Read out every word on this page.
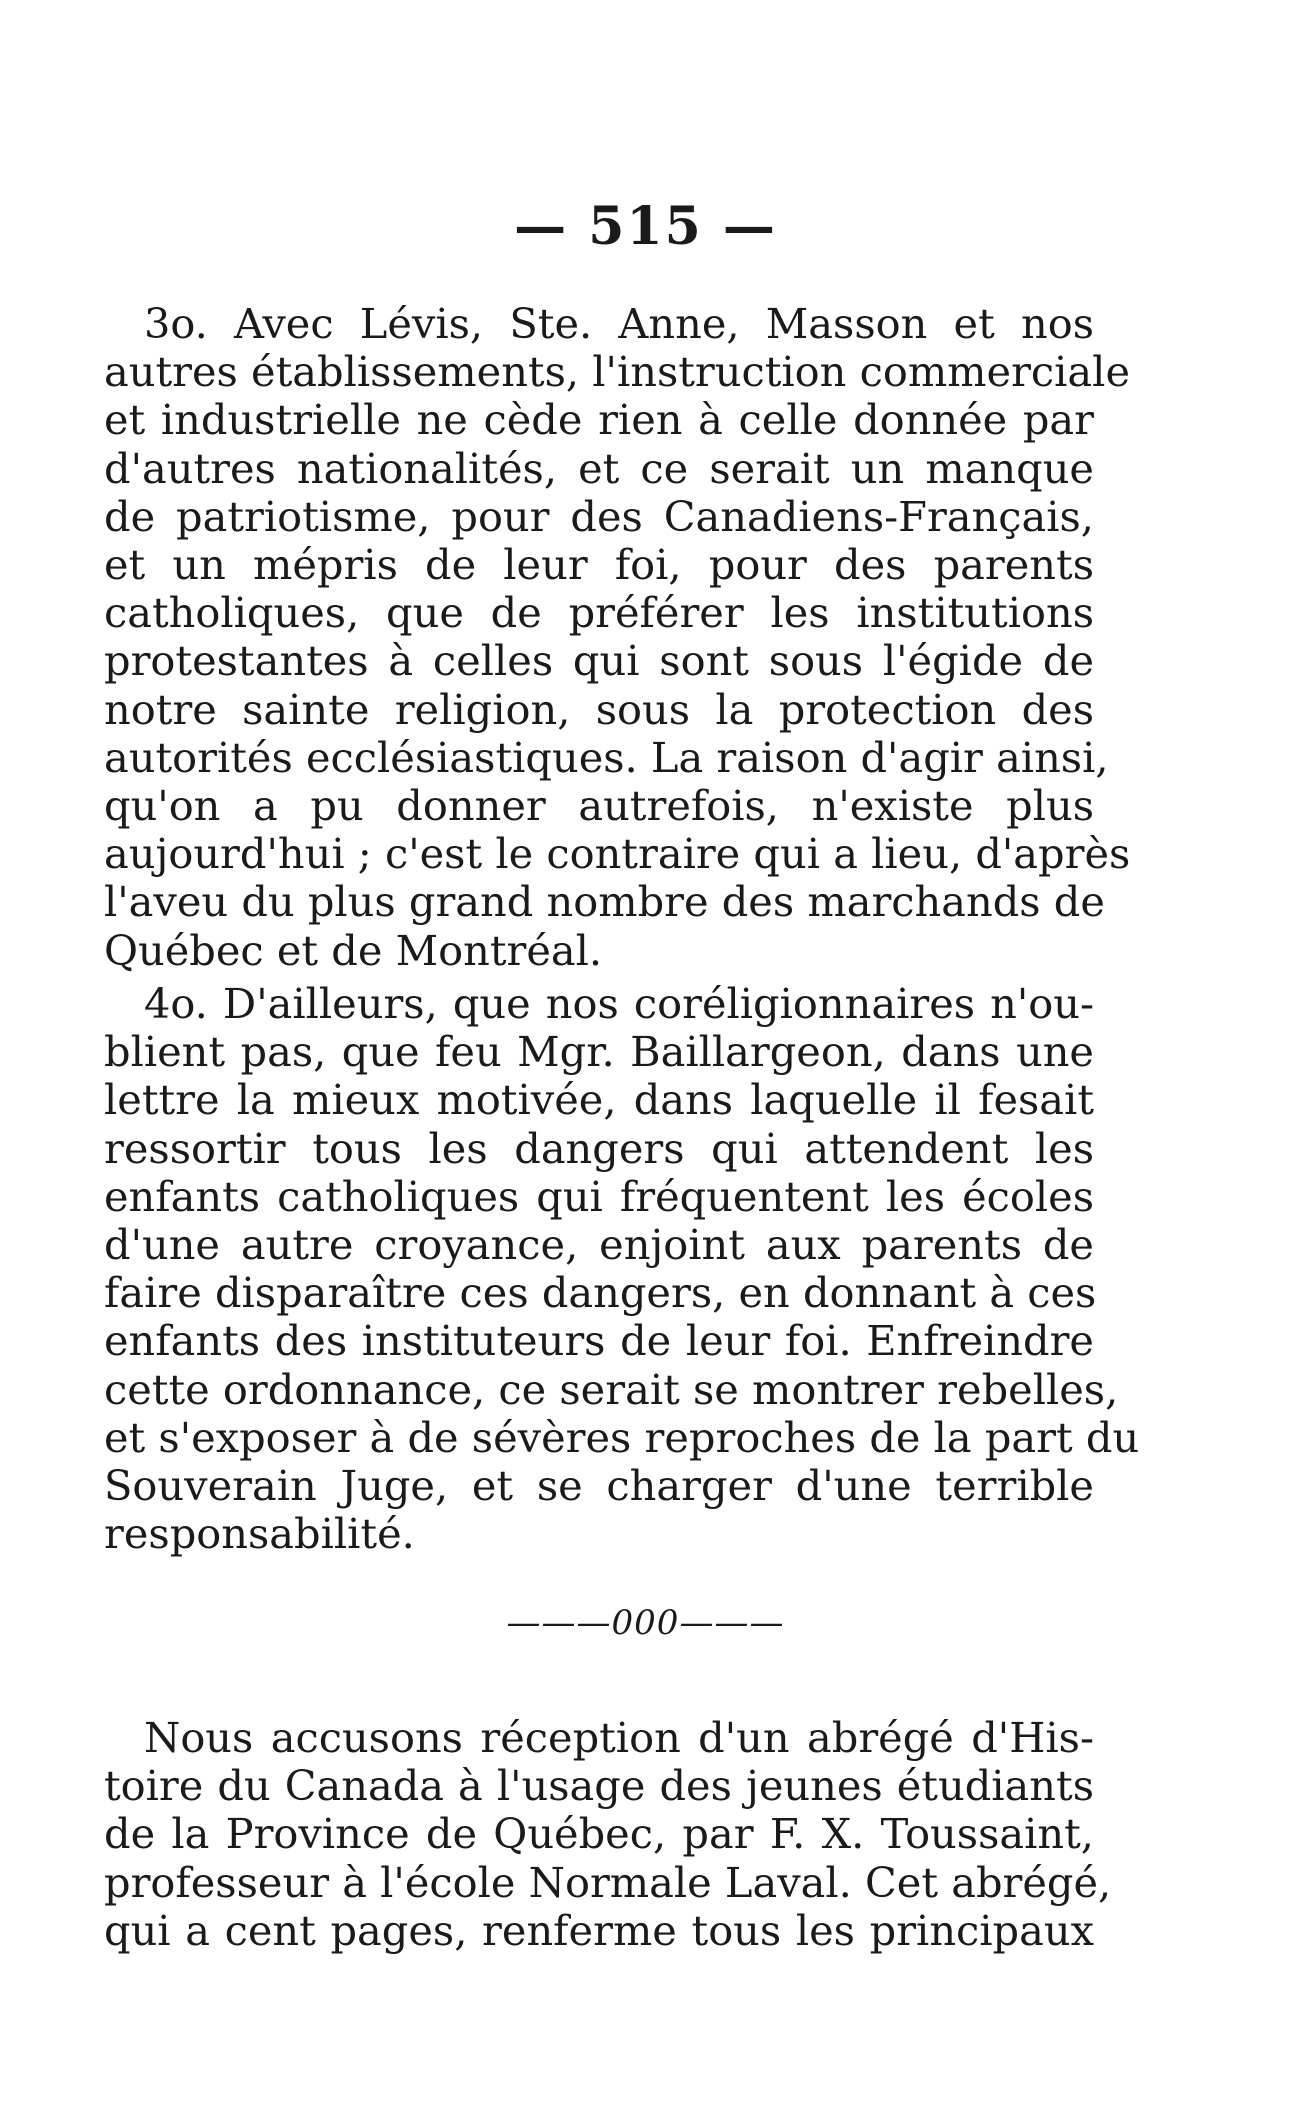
— 515 —
3o. Avec Lévis, Ste. Anne, Masson et nos
autres établissements, l'instruction commerciale
et industrielle ne cède rien à celle donnée par
d'autres nationalités, et ce serait un manque
de patriotisme, pour des Canadiens-Français,
et un mépris de leur foi, pour des parents
catholiques, que de préférer les institutions
protestantes à celles qui sont sous l'égide de
notre sainte religion, sous la protection des
autorités ecclésiastiques. La raison d'agir ainsi,
qu'on a pu donner autrefois, n'existe plus
aujourd'hui ; c'est le contraire qui a lieu, d'après
l'aveu du plus grand nombre des marchands de
Québec et de Montréal.
4o. D'ailleurs, que nos coréligionnaires n'ou-
blient pas, que feu Mgr. Baillargeon, dans une
lettre la mieux motivée, dans laquelle il fesait
ressortir tous les dangers qui attendent les
enfants catholiques qui fréquentent les écoles
d'une autre croyance, enjoint aux parents de
faire disparaître ces dangers, en donnant à ces
enfants des instituteurs de leur foi. Enfreindre
cette ordonnance, ce serait se montrer rebelles,
et s'exposer à de sévères reproches de la part du
Souverain Juge, et se charger d'une terrible
responsabilité.
———000———
Nous accusons réception d'un abrégé d'His-
toire du Canada à l'usage des jeunes étudiants
de la Province de Québec, par F. X. Toussaint,
professeur à l'école Normale Laval. Cet abrégé,
qui a cent pages, renferme tous les principaux
